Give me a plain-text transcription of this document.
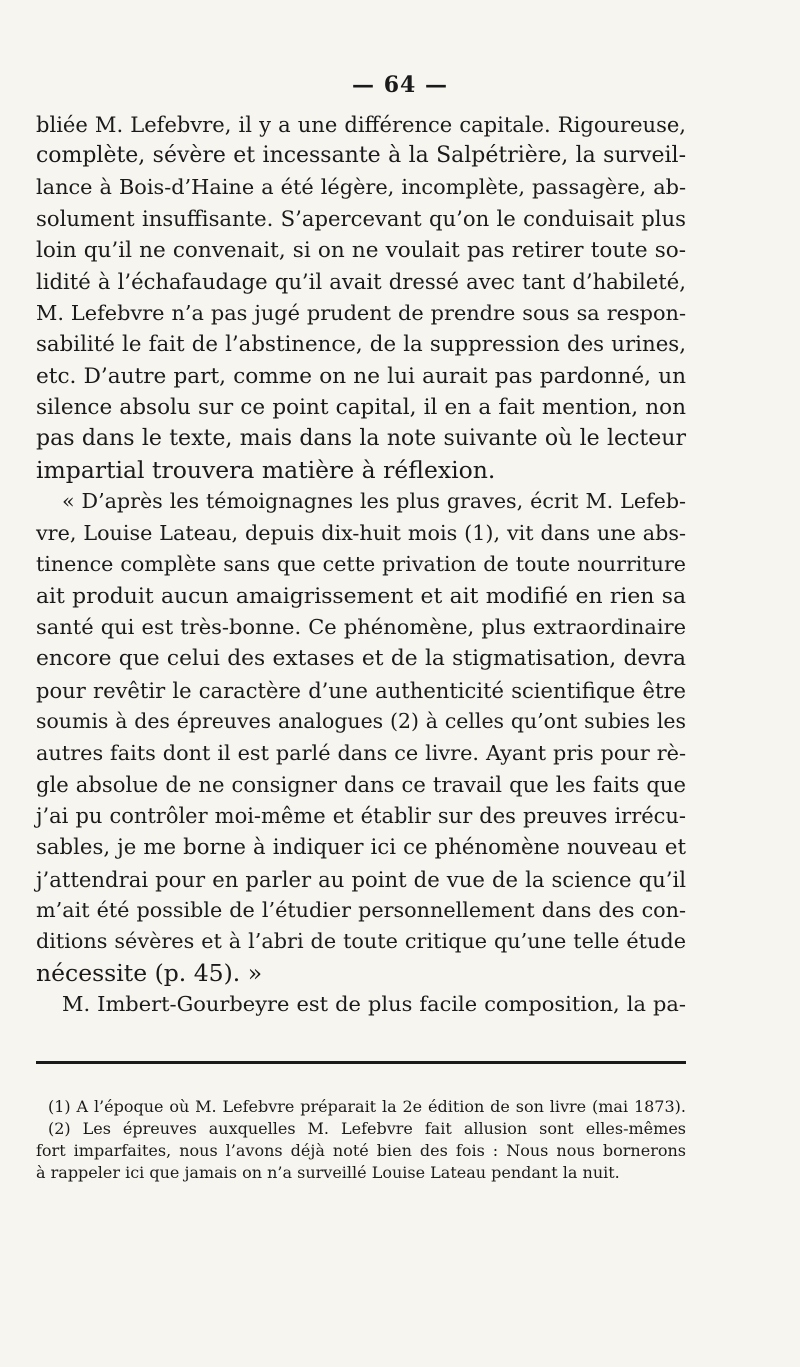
— 64 —
bliée M. Lefebvre, il y a une différence capitale. Rigoureuse,
complète, sévère et incessante à la Salpétrière, la surveil-
lance à Bois-d’Haine a été légère, incomplète, passagère, ab-
solument insuffisante. S’apercevant qu’on le conduisait plus
loin qu’il ne convenait, si on ne voulait pas retirer toute so-
lidité à l’échafaudage qu’il avait dressé avec tant d’habileté,
M. Lefebvre n’a pas jugé prudent de prendre sous sa respon-
sabilité le fait de l’abstinence, de la suppression des urines,
etc. D’autre part, comme on ne lui aurait pas pardonné, un
silence absolu sur ce point capital, il en a fait mention, non
pas dans le texte, mais dans la note suivante où le lecteur
impartial trouvera matière à réflexion.
« D’après les témoignagnes les plus graves, écrit M. Lefeb-
vre, Louise Lateau, depuis dix-huit mois (1), vit dans une abs-
tinence complète sans que cette privation de toute nourriture
ait produit aucun amaigrissement et ait modifié en rien sa
santé qui est très-bonne. Ce phénomène, plus extraordinaire
encore que celui des extases et de la stigmatisation, devra
pour revêtir le caractère d’une authenticité scientifique être
soumis à des épreuves analogues (2) à celles qu’ont subies les
autres faits dont il est parlé dans ce livre. Ayant pris pour rè-
gle absolue de ne consigner dans ce travail que les faits que
j’ai pu contrôler moi-même et établir sur des preuves irrécu-
sables, je me borne à indiquer ici ce phénomène nouveau et
j’attendrai pour en parler au point de vue de la science qu’il
m’ait été possible de l’étudier personnellement dans des con-
ditions sévères et à l’abri de toute critique qu’une telle étude
nécessite (p. 45). »
M. Imbert-Gourbeyre est de plus facile composition, la pa-
(1) A l’époque où M. Lefebvre préparait la 2e édition de son livre (mai 1873).
(2) Les épreuves auxquelles M. Lefebvre fait allusion sont elles-mêmes
fort imparfaites, nous l’avons déjà noté bien des fois : Nous nous bornerons
à rappeler ici que jamais on n’a surveillé Louise Lateau pendant la nuit.
